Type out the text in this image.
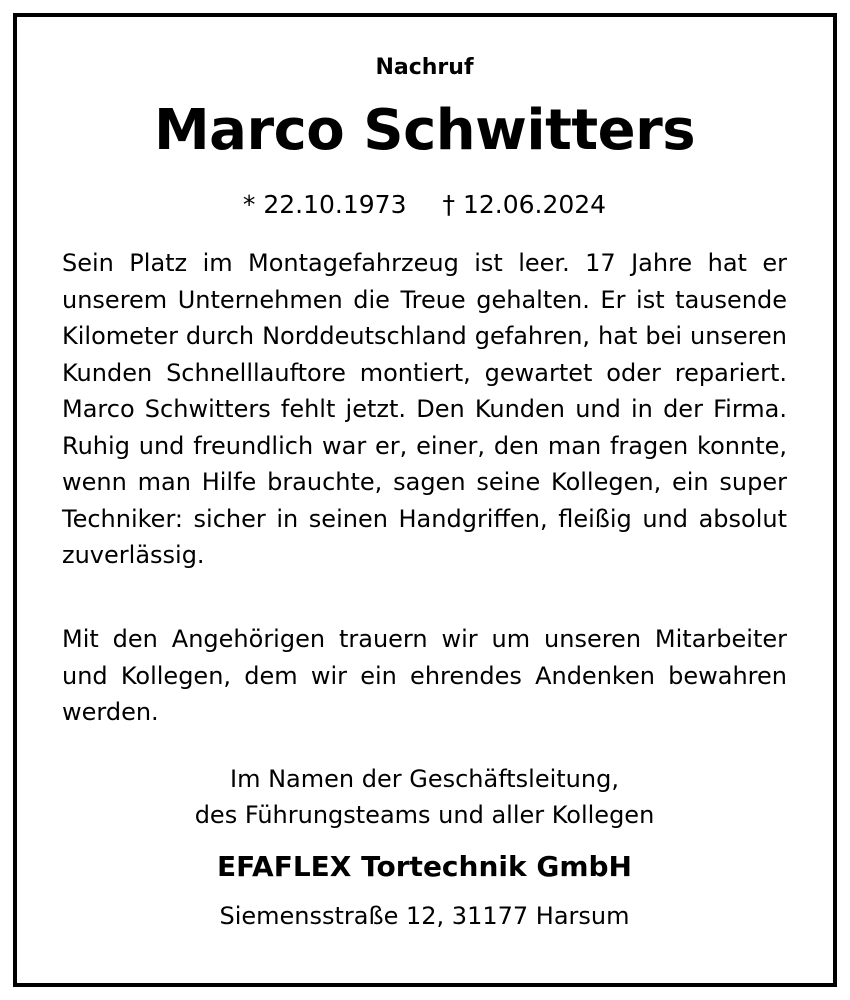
Nachruf
Marco Schwitters
* 22.10.1973 † 12.06.2024
Sein Platz im Montagefahrzeug ist leer. 17 Jahre hat er unserem Unternehmen die Treue gehalten. Er ist tausende Kilometer durch Norddeutschland gefahren, hat bei unseren Kunden Schnelllauftore montiert, gewartet oder repariert. Marco Schwitters fehlt jetzt. Den Kunden und in der Firma. Ruhig und freundlich war er, einer, den man fragen konnte, wenn man Hilfe brauchte, sagen seine Kollegen, ein super Techniker: sicher in seinen Handgriffen, fleißig und absolut zuverlässig.
Mit den Angehörigen trauern wir um unseren Mitarbeiter und Kollegen, dem wir ein ehrendes Andenken bewahren werden.
Im Namen der Geschäftsleitung,
des Führungsteams und aller Kollegen
EFAFLEX Tortechnik GmbH
Siemensstraße 12, 31177 Harsum
